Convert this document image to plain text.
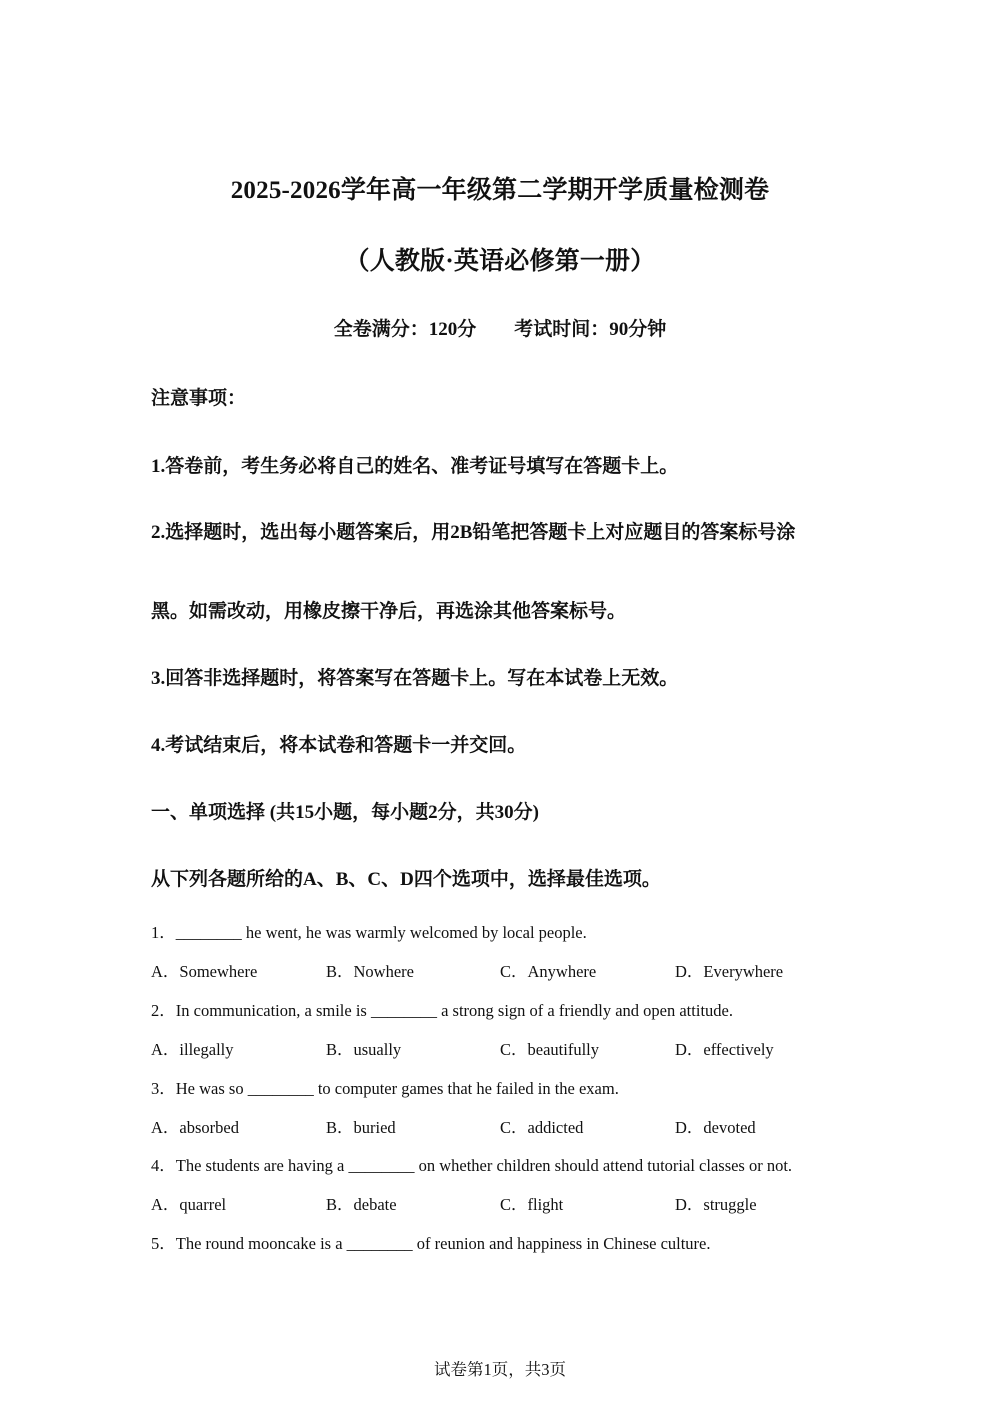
2025-2026学年高一年级第二学期开学质量检测卷
（人教版·英语必修第一册）
全卷满分：120分 考试时间：90分钟
注意事项：
1.答卷前，考生务必将自己的姓名、准考证号填写在答题卡上。
2.选择题时，选出每小题答案后，用2B铅笔把答题卡上对应题目的答案标号涂
黑。如需改动，用橡皮擦干净后，再选涂其他答案标号。
3.回答非选择题时，将答案写在答题卡上。写在本试卷上无效。
4.考试结束后，将本试卷和答题卡一并交回。
一、单项选择 (共15小题，每小题2分，共30分)
从下列各题所给的A、B、C、D四个选项中，选择最佳选项。
1．________ he went, he was warmly welcomed by local people.
A．Somewhere	B．Nowhere	C．Anywhere	D．Everywhere
2．In communication, a smile is ________ a strong sign of a friendly and open attitude.
A．illegally	B．usually	C．beautifully	D．effectively
3．He was so ________ to computer games that he failed in the exam.
A．absorbed	B．buried	C．addicted	D．devoted
4．The students are having a ________ on whether children should attend tutorial classes or not.
A．quarrel	B．debate	C．flight	D．struggle
5．The round mooncake is a ________ of reunion and happiness in Chinese culture.
试卷第1页，共3页
